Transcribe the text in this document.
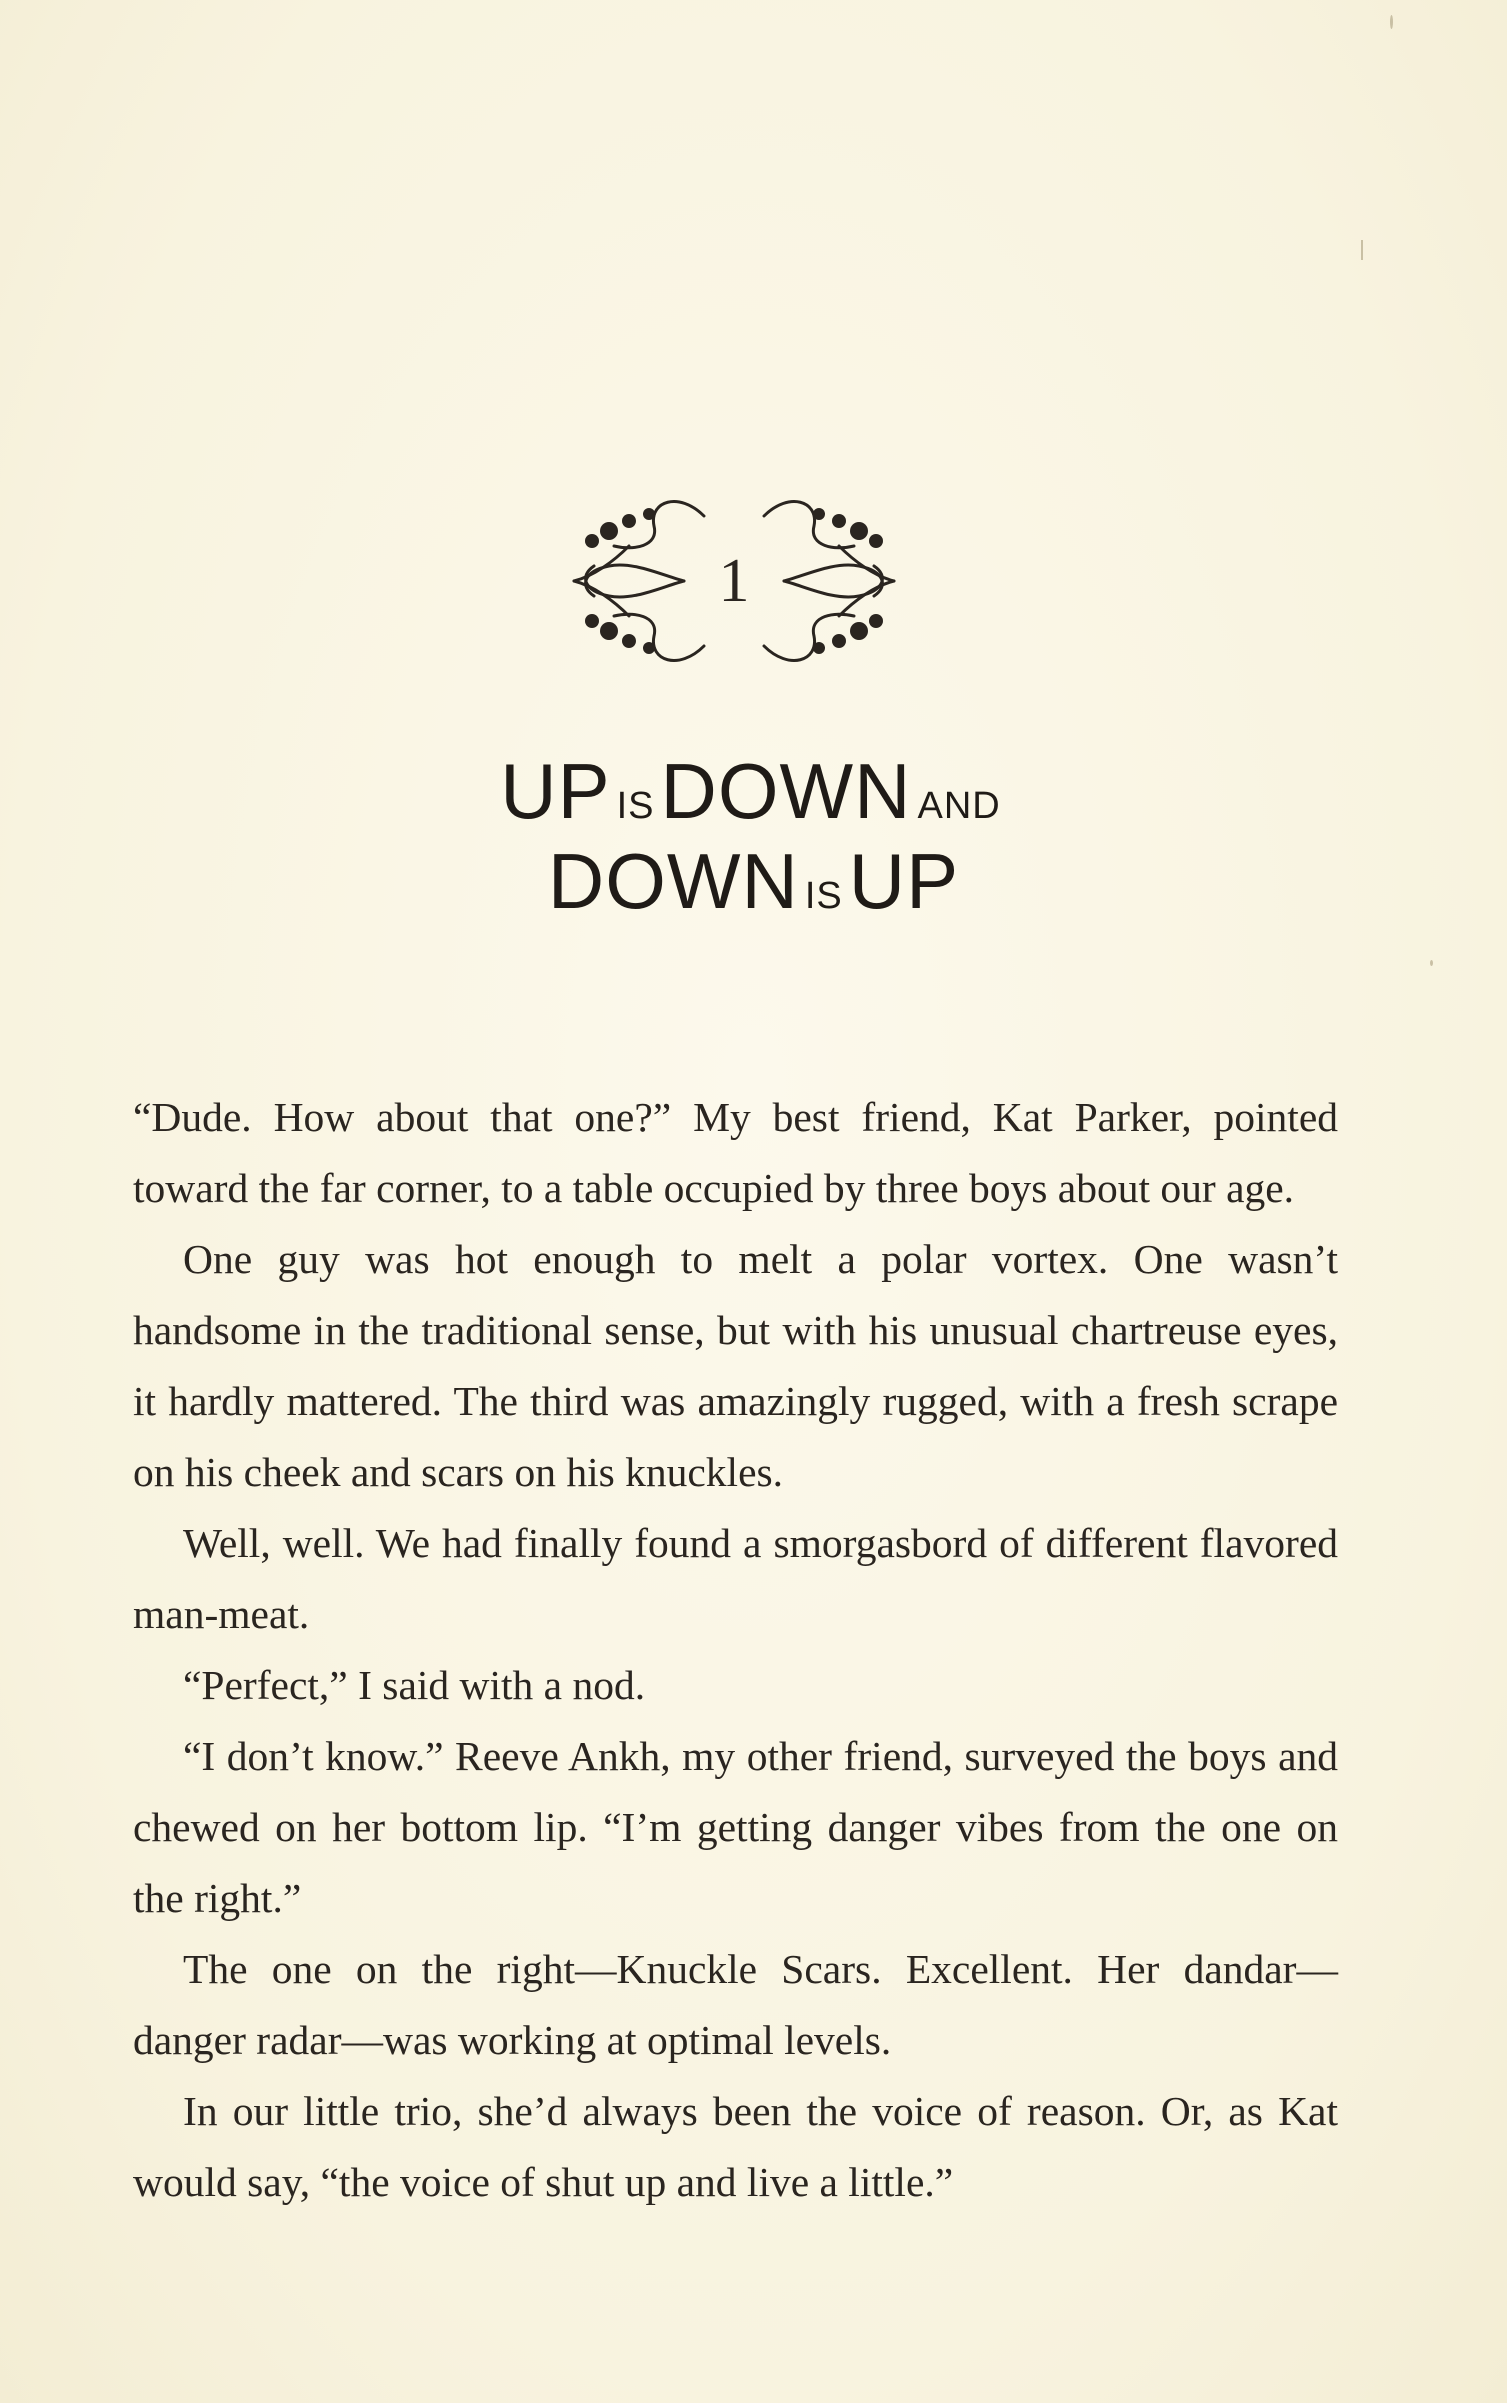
1
UP ISDOWN AND
DOWN ISUP

“Dude. How about that one?” My best friend, Kat Parker, pointed toward the far corner, to a table occupied by three boys about our age.

One guy was hot enough to melt a polar vortex. One wasn’t handsome in the traditional sense, but with his unusual chartreuse eyes, it hardly mattered. The third was amazingly rugged, with a fresh scrape on his cheek and scars on his knuckles.

Well, well. We had finally found a smorgasbord of different flavored man-meat.

“Perfect,” I said with a nod.

“I don’t know.” Reeve Ankh, my other friend, surveyed the boys and chewed on her bottom lip. “I’m getting danger vibes from the one on the right.”

The one on the right—Knuckle Scars. Excellent. Her dandar—danger radar—was working at optimal levels.

In our little trio, she’d always been the voice of reason. Or, as Kat would say, “the voice of shut up and live a little.”
